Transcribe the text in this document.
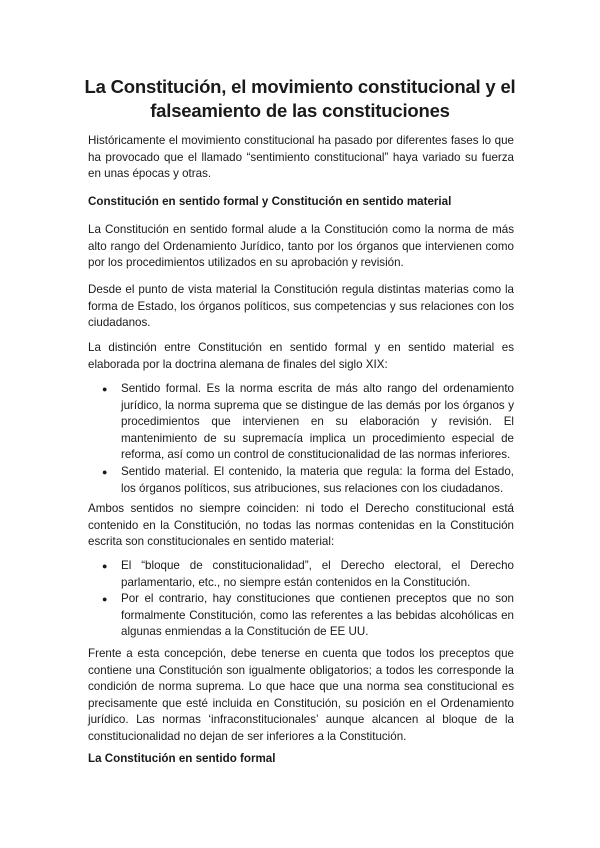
La Constitución, el movimiento constitucional y el
falseamiento de las constituciones

Históricamente el movimiento constitucional ha pasado por diferentes fases lo que ha provocado que el llamado “sentimiento constitucional” haya variado su fuerza en unas épocas y otras.

Constitución en sentido formal y Constitución en sentido material

La Constitución en sentido formal alude a la Constitución como la norma de más alto rango del Ordenamiento Jurídico, tanto por los órganos que intervienen como por los procedimientos utilizados en su aprobación y revisión.

Desde el punto de vista material la Constitución regula distintas materias como la forma de Estado, los órganos políticos, sus competencias y sus relaciones con los ciudadanos.

La distinción entre Constitución en sentido formal y en sentido material es elaborada por la doctrina alemana de finales del siglo XIX:

● Sentido formal. Es la norma escrita de más alto rango del ordenamiento jurídico, la norma suprema que se distingue de las demás por los órganos y procedimientos que intervienen en su elaboración y revisión. El mantenimiento de su supremacía implica un procedimiento especial de reforma, así como un control de constitucionalidad de las normas inferiores.
● Sentido material. El contenido, la materia que regula: la forma del Estado, los órganos políticos, sus atribuciones, sus relaciones con los ciudadanos.

Ambos sentidos no siempre coinciden: ni todo el Derecho constitucional está contenido en la Constitución, no todas las normas contenidas en la Constitución escrita son constitucionales en sentido material:

● El “bloque de constitucionalidad”, el Derecho electoral, el Derecho parlamentario, etc., no siempre están contenidos en la Constitución.
● Por el contrario, hay constituciones que contienen preceptos que no son formalmente Constitución, como las referentes a las bebidas alcohólicas en algunas enmiendas a la Constitución de EE UU.

Frente a esta concepción, debe tenerse en cuenta que todos los preceptos que contiene una Constitución son igualmente obligatorios; a todos les corresponde la condición de norma suprema. Lo que hace que una norma sea constitucional es precisamente que esté incluida en Constitución, su posición en el Ordenamiento jurídico. Las normas ‘infraconstitucionales’ aunque alcancen al bloque de la constitucionalidad no dejan de ser inferiores a la Constitución.

La Constitución en sentido formal
